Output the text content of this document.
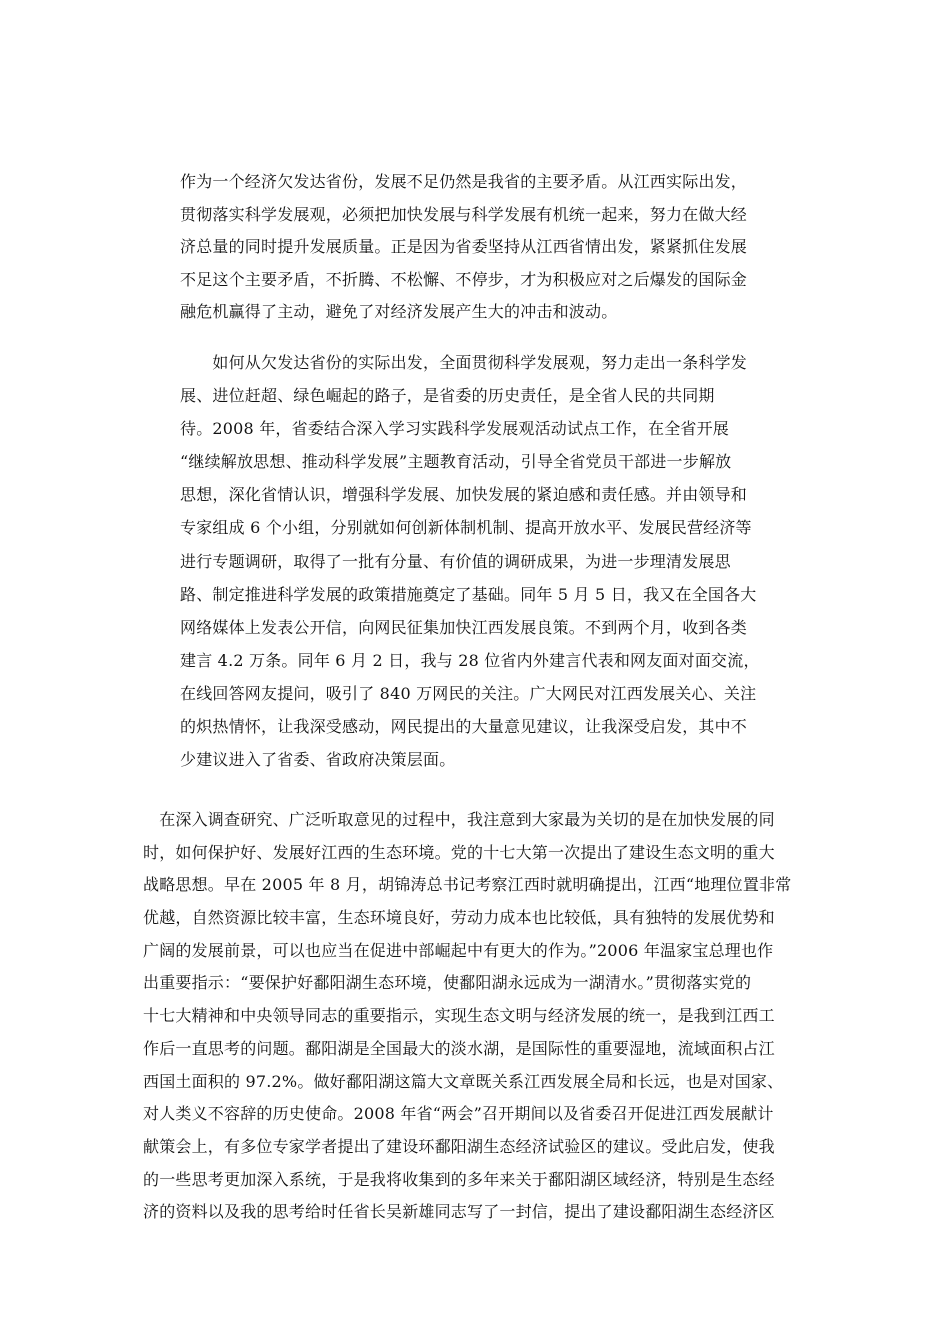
作为一个经济欠发达省份，发展不足仍然是我省的主要矛盾。从江西实际出发，
贯彻落实科学发展观，必须把加快发展与科学发展有机统一起来，努力在做大经
济总量的同时提升发展质量。正是因为省委坚持从江西省情出发，紧紧抓住发展
不足这个主要矛盾，不折腾、不松懈、不停步，才为积极应对之后爆发的国际金
融危机赢得了主动，避免了对经济发展产生大的冲击和波动。
　　如何从欠发达省份的实际出发，全面贯彻科学发展观，努力走出一条科学发
展、进位赶超、绿色崛起的路子，是省委的历史责任，是全省人民的共同期
待。2008 年，省委结合深入学习实践科学发展观活动试点工作，在全省开展
“继续解放思想、推动科学发展”主题教育活动，引导全省党员干部进一步解放
思想，深化省情认识，增强科学发展、加快发展的紧迫感和责任感。并由领导和
专家组成 6 个小组，分别就如何创新体制机制、提高开放水平、发展民营经济等
进行专题调研，取得了一批有分量、有价值的调研成果，为进一步理清发展思
路、制定推进科学发展的政策措施奠定了基础。同年 5 月 5 日，我又在全国各大
网络媒体上发表公开信，向网民征集加快江西发展良策。不到两个月，收到各类
建言 4.2 万条。同年 6 月 2 日，我与 28 位省内外建言代表和网友面对面交流，
在线回答网友提问，吸引了 840 万网民的关注。广大网民对江西发展关心、关注
的炽热情怀，让我深受感动，网民提出的大量意见建议，让我深受启发，其中不
少建议进入了省委、省政府决策层面。
　在深入调查研究、广泛听取意见的过程中，我注意到大家最为关切的是在加快发展的同
时，如何保护好、发展好江西的生态环境。党的十七大第一次提出了建设生态文明的重大
战略思想。早在 2005 年 8 月，胡锦涛总书记考察江西时就明确提出，江西“地理位置非常
优越，自然资源比较丰富，生态环境良好，劳动力成本也比较低，具有独特的发展优势和
广阔的发展前景，可以也应当在促进中部崛起中有更大的作为。”2006 年温家宝总理也作
出重要指示：“要保护好鄱阳湖生态环境，使鄱阳湖永远成为一湖清水。”贯彻落实党的
十七大精神和中央领导同志的重要指示，实现生态文明与经济发展的统一，是我到江西工
作后一直思考的问题。鄱阳湖是全国最大的淡水湖，是国际性的重要湿地，流域面积占江
西国土面积的 97.2%。做好鄱阳湖这篇大文章既关系江西发展全局和长远，也是对国家、
对人类义不容辞的历史使命。2008 年省“两会”召开期间以及省委召开促进江西发展献计
献策会上，有多位专家学者提出了建设环鄱阳湖生态经济试验区的建议。受此启发，使我
的一些思考更加深入系统，于是我将收集到的多年来关于鄱阳湖区域经济，特别是生态经
济的资料以及我的思考给时任省长吴新雄同志写了一封信，提出了建设鄱阳湖生态经济区
